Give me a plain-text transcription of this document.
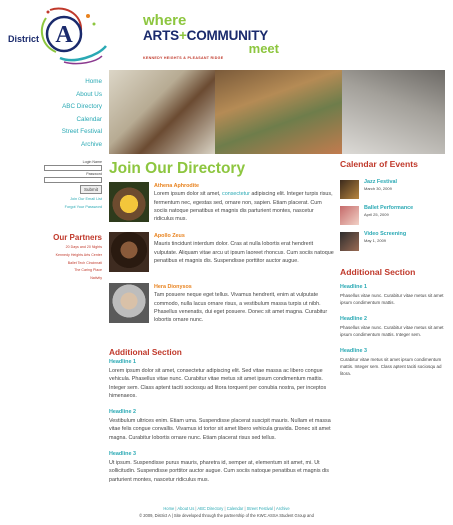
A
District
where
ARTS+COMMUNITY
meet
KENNEDY HEIGHTS & PLEASANT RIDGE
Home
About Us
ABC Directory
Calendar
Street Festival
Archive
Login Name
Password
Submit
Join Our Email List
Forgot Your Password
Our Partners
20 Days and 20 Nights
Kennedy Heights Arts Center
Ballet Tech Cincinnati
The Caring Place
Nativity
Join Our Directory
Athena Aphrodite
Lorem ipsum dolor sit amet, consectetur adipiscing elit. Integer turpis risus, fermentum nec, egestas sed, ornare non, sapien. Etiam placerat. Cum sociis natoque penatibus et magnis dis parturient montes, nascetur ridiculus mus.
Apollo Zeus
Mauris tincidunt interdum dolor. Cras at nulla lobortis erat hendrerit vulputate. Aliquam vitae arcu ut ipsum laoreet rhoncus. Cum sociis natoque penatibus et magnis dis. Suspendisse porttitor auctor augue.
Hera Dionysos
Tam posuere neque eget tellus. Vivamus hendrerit, enim at vulputate commodo, nulla lacus ornare risus, a vestibulum massa turpis ut nibh. Phasellus venenatis, dui eget posuere. Donec sit amet magna. Curabitur lobortis ornare nunc.
Additional Section
Headline 1

Lorem ipsum dolor sit amet, consectetur adipiscing elit. Sed vitae massa ac libero congue vehicula. Phasellus vitae nunc. Curabitur vitae metus sit amet ipsum condimentum mattis. Integer sem. Class aptent taciti sociosqu ad litora torquent per conubia nostra, per inceptos himenaeos.

Headline 2

Vestibulum ultrices enim. Etiam uma. Suspendisse placerat suscipit mauris. Nullam et massa vitae felis congue convallis. Vivamus id tortor sit amet libero vehicula gravida. Donec sit amet magna. Curabitur lobortis ornare nunc. Etiam placerat risus sed tellus.

Headline 3

Ut ipsum. Suspendisse purus mauris, pharetra id, semper at, elementum sit amet, mi. Ut sollicitudin. Suspendisse porttitor auctor augue. Cum sociis natoque penatibus et magnis dis parturient montes, nascetur ridiculus mus.

Calendar of Events
Jazz Festival
March 30, 2009
Ballet Performance
April 25, 2009
Video Screening
May 1, 2009
Additional Section
Headline 1

Phasellus vitae nunc. Curabitur vitae metus sit amet ipsum condimentum mattis.

Headline 2

Phasellus vitae nunc. Curabitur vitae metus sit amet ipsum condimentum mattis. Integer sem.

Headline 3

Curabitur vitae metus sit amet ipsum condimentum mattis. Integer sem. Class aptent taciti sociosqu ad litora.

Home | About Us | ABC Directory | Calendar | Street Festival | Archive
© 2009, District A | Site developed through the partnership of the KWC ASSA Student Group and
